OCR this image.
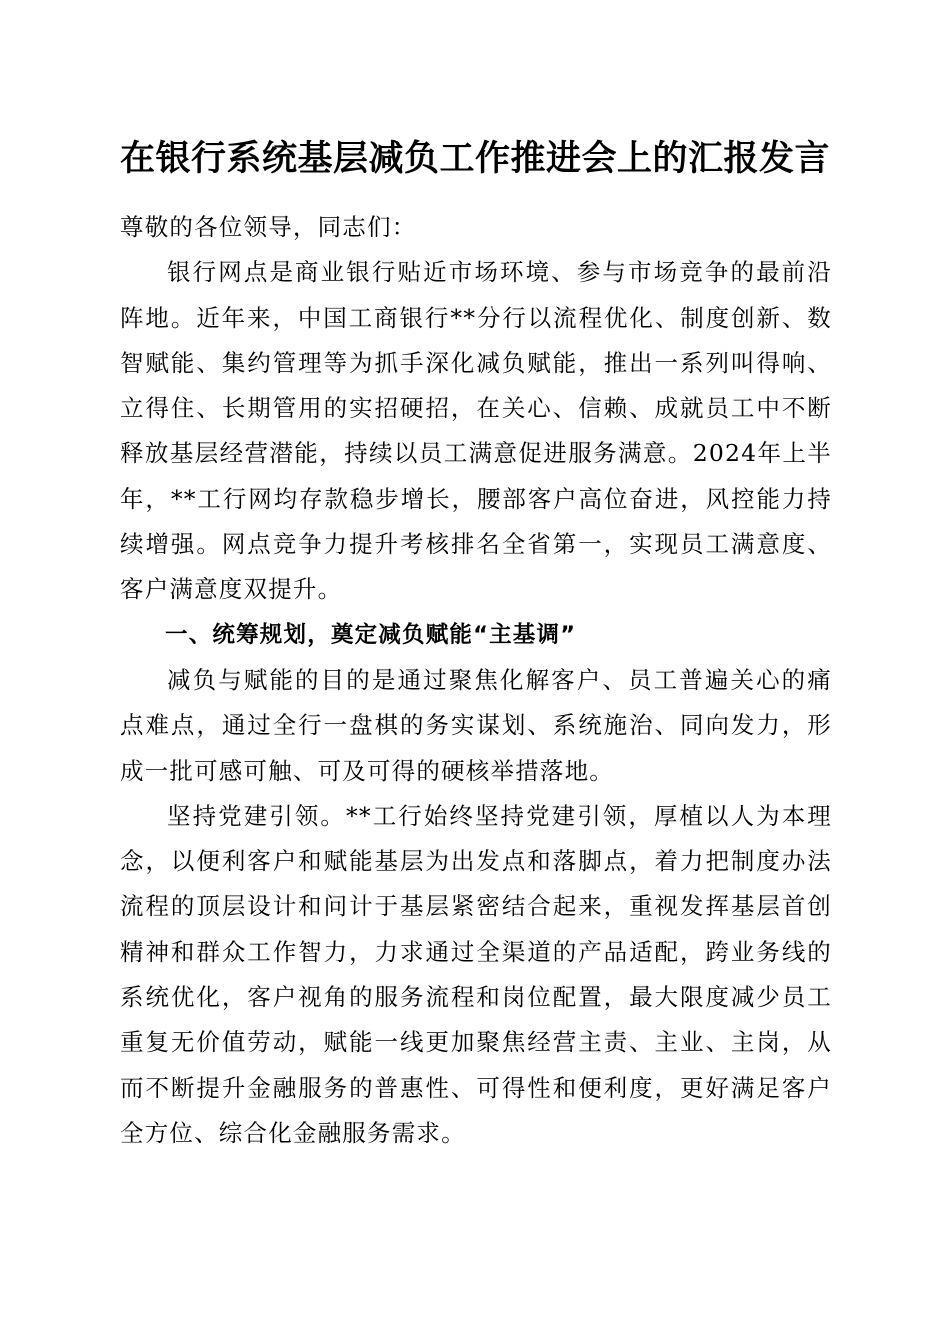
在银行系统基层减负工作推进会上的汇报发言

尊敬的各位领导，同志们：

银行网点是商业银行贴近市场环境、参与市场竞争的最前沿阵地。近年来，中国工商银行**分行以流程优化、制度创新、数智赋能、集约管理等为抓手深化减负赋能，推出一系列叫得响、立得住、长期管用的实招硬招，在关心、信赖、成就员工中不断释放基层经营潜能，持续以员工满意促进服务满意。2024年上半年，**工行网均存款稳步增长，腰部客户高位奋进，风控能力持续增强。网点竞争力提升考核排名全省第一，实现员工满意度、客户满意度双提升。

一、统筹规划，奠定减负赋能“主基调”

减负与赋能的目的是通过聚焦化解客户、员工普遍关心的痛点难点，通过全行一盘棋的务实谋划、系统施治、同向发力，形成一批可感可触、可及可得的硬核举措落地。

坚持党建引领。**工行始终坚持党建引领，厚植以人为本理念，以便利客户和赋能基层为出发点和落脚点，着力把制度办法流程的顶层设计和问计于基层紧密结合起来，重视发挥基层首创精神和群众工作智力，力求通过全渠道的产品适配，跨业务线的系统优化，客户视角的服务流程和岗位配置，最大限度减少员工重复无价值劳动，赋能一线更加聚焦经营主责、主业、主岗，从而不断提升金融服务的普惠性、可得性和便利度，更好满足客户全方位、综合化金融服务需求。
